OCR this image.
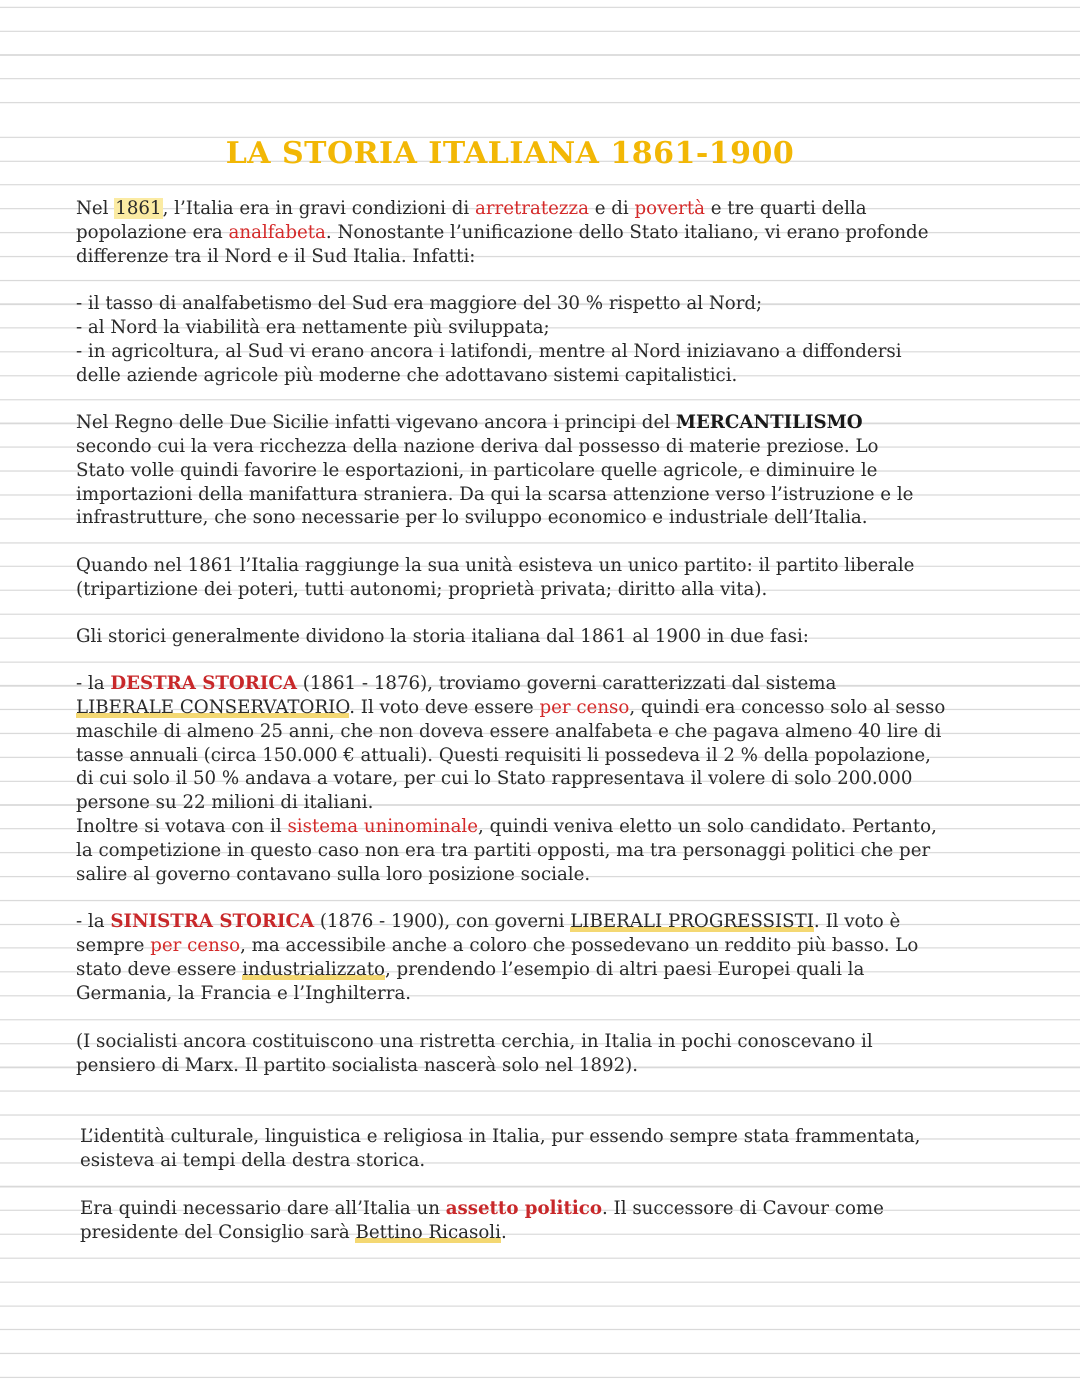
LA STORIA ITALIANA 1861-1900
Nel 1861, l’Italia era in gravi condizioni di arretratezza e di povertà e tre quarti della
popolazione era analfabeta. Nonostante l’unificazione dello Stato italiano, vi erano profonde
differenze tra il Nord e il Sud Italia. Infatti:
- il tasso di analfabetismo del Sud era maggiore del 30 % rispetto al Nord;
- al Nord la viabilità era nettamente più sviluppata;
- in agricoltura, al Sud vi erano ancora i latifondi, mentre al Nord iniziavano a diffondersi
delle aziende agricole più moderne che adottavano sistemi capitalistici.
Nel Regno delle Due Sicilie infatti vigevano ancora i principi del MERCANTILISMO
secondo cui la vera ricchezza della nazione deriva dal possesso di materie preziose. Lo
Stato volle quindi favorire le esportazioni, in particolare quelle agricole, e diminuire le
importazioni della manifattura straniera. Da qui la scarsa attenzione verso l’istruzione e le
infrastrutture, che sono necessarie per lo sviluppo economico e industriale dell’Italia.
Quando nel 1861 l’Italia raggiunge la sua unità esisteva un unico partito: il partito liberale
(tripartizione dei poteri, tutti autonomi; proprietà privata; diritto alla vita).
Gli storici generalmente dividono la storia italiana dal 1861 al 1900 in due fasi:
- la DESTRA STORICA (1861 - 1876), troviamo governi caratterizzati dal sistema
LIBERALE CONSERVATORIO. Il voto deve essere per censo, quindi era concesso solo al sesso
maschile di almeno 25 anni, che non doveva essere analfabeta e che pagava almeno 40 lire di
tasse annuali (circa 150.000 € attuali). Questi requisiti li possedeva il 2 % della popolazione,
di cui solo il 50 % andava a votare, per cui lo Stato rappresentava il volere di solo 200.000
persone su 22 milioni di italiani.
Inoltre si votava con il sistema uninominale, quindi veniva eletto un solo candidato. Pertanto,
la competizione in questo caso non era tra partiti opposti, ma tra personaggi politici che per
salire al governo contavano sulla loro posizione sociale.
- la SINISTRA STORICA (1876 - 1900), con governi LIBERALI PROGRESSISTI. Il voto è
sempre per censo, ma accessibile anche a coloro che possedevano un reddito più basso. Lo
stato deve essere industrializzato, prendendo l’esempio di altri paesi Europei quali la
Germania, la Francia e l’Inghilterra.
(I socialisti ancora costituiscono una ristretta cerchia, in Italia in pochi conoscevano il
pensiero di Marx. Il partito socialista nascerà solo nel 1892).
L’identità culturale, linguistica e religiosa in Italia, pur essendo sempre stata frammentata,
esisteva ai tempi della destra storica.
Era quindi necessario dare all’Italia un assetto politico. Il successore di Cavour come
presidente del Consiglio sarà Bettino Ricasoli.
